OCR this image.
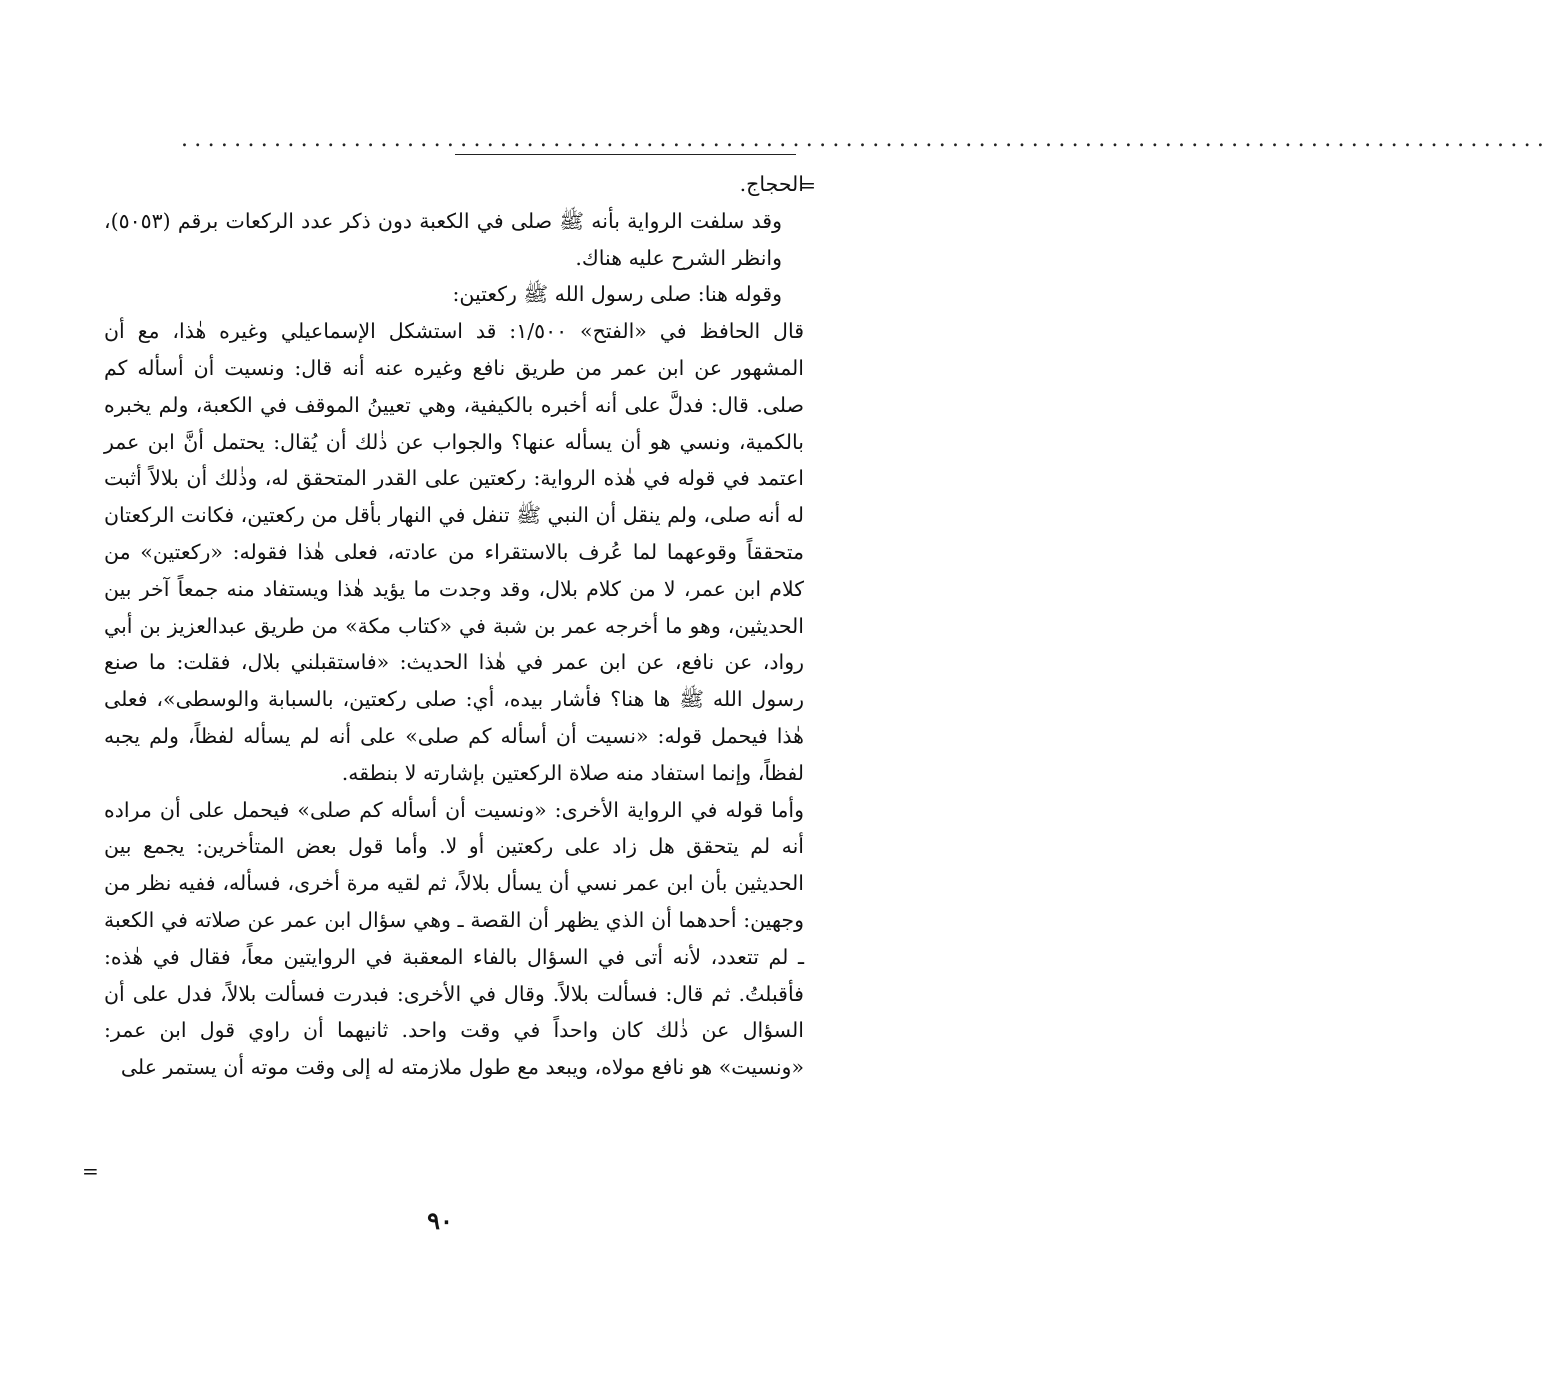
.......................................................................................................
=

الحجاج.

وقد سلفت الرواية بأنه ﷺ صلى في الكعبة دون ذكر عدد الركعات برقم (٥٠٥٣)، وانظر الشرح عليه هناك.

وقوله هنا: صلى رسول الله ﷺ ركعتين:

قال الحافظ في «الفتح» ١/٥٠٠: قد استشكل الإسماعيلي وغيره هٰذا، مع أن المشهور عن ابن عمر من طريق نافع وغيره عنه أنه قال: ونسيت أن أسأله كم صلى. قال: فدلَّ على أنه أخبره بالكيفية، وهي تعيينُ الموقف في الكعبة، ولم يخبره بالكمية، ونسي هو أن يسأله عنها؟ والجواب عن ذٰلك أن يُقال: يحتمل أنَّ ابن عمر اعتمد في قوله في هٰذه الرواية: ركعتين على القدر المتحقق له، وذٰلك أن بلالاً أثبت له أنه صلى، ولم ينقل أن النبي ﷺ تنفل في النهار بأقل من ركعتين، فكانت الركعتان متحققاً وقوعهما لما عُرف بالاستقراء من عادته، فعلى هٰذا فقوله: «ركعتين» من كلام ابن عمر، لا من كلام بلال، وقد وجدت ما يؤيد هٰذا ويستفاد منه جمعاً آخر بين الحديثين، وهو ما أخرجه عمر بن شبة في «كتاب مكة» من طريق عبدالعزيز بن أبي رواد، عن نافع، عن ابن عمر في هٰذا الحديث: «فاستقبلني بلال، فقلت: ما صنع رسول الله ﷺ ها هنا؟ فأشار بيده، أي: صلى ركعتين، بالسبابة والوسطى»، فعلى هٰذا فيحمل قوله: «نسيت أن أسأله كم صلى» على أنه لم يسأله لفظاً، ولم يجبه لفظاً، وإنما استفاد منه صلاة الركعتين بإشارته لا بنطقه.

وأما قوله في الرواية الأخرى: «ونسيت أن أسأله كم صلى» فيحمل على أن مراده أنه لم يتحقق هل زاد على ركعتين أو لا. وأما قول بعض المتأخرين: يجمع بين الحديثين بأن ابن عمر نسي أن يسأل بلالاً، ثم لقيه مرة أخرى، فسأله، ففيه نظر من وجهين: أحدهما أن الذي يظهر أن القصة ـ وهي سؤال ابن عمر عن صلاته في الكعبة ـ لم تتعدد، لأنه أتى في السؤال بالفاء المعقبة في الروايتين معاً، فقال في هٰذه: فأقبلتُ. ثم قال: فسألت بلالاً. وقال في الأخرى: فبدرت فسألت بلالاً، فدل على أن السؤال عن ذٰلك كان واحداً في وقت واحد. ثانيهما أن راوي قول ابن عمر: «ونسيت» هو نافع مولاه، ويبعد مع طول ملازمته له إلى وقت موته أن يستمر على

=
٩٠
